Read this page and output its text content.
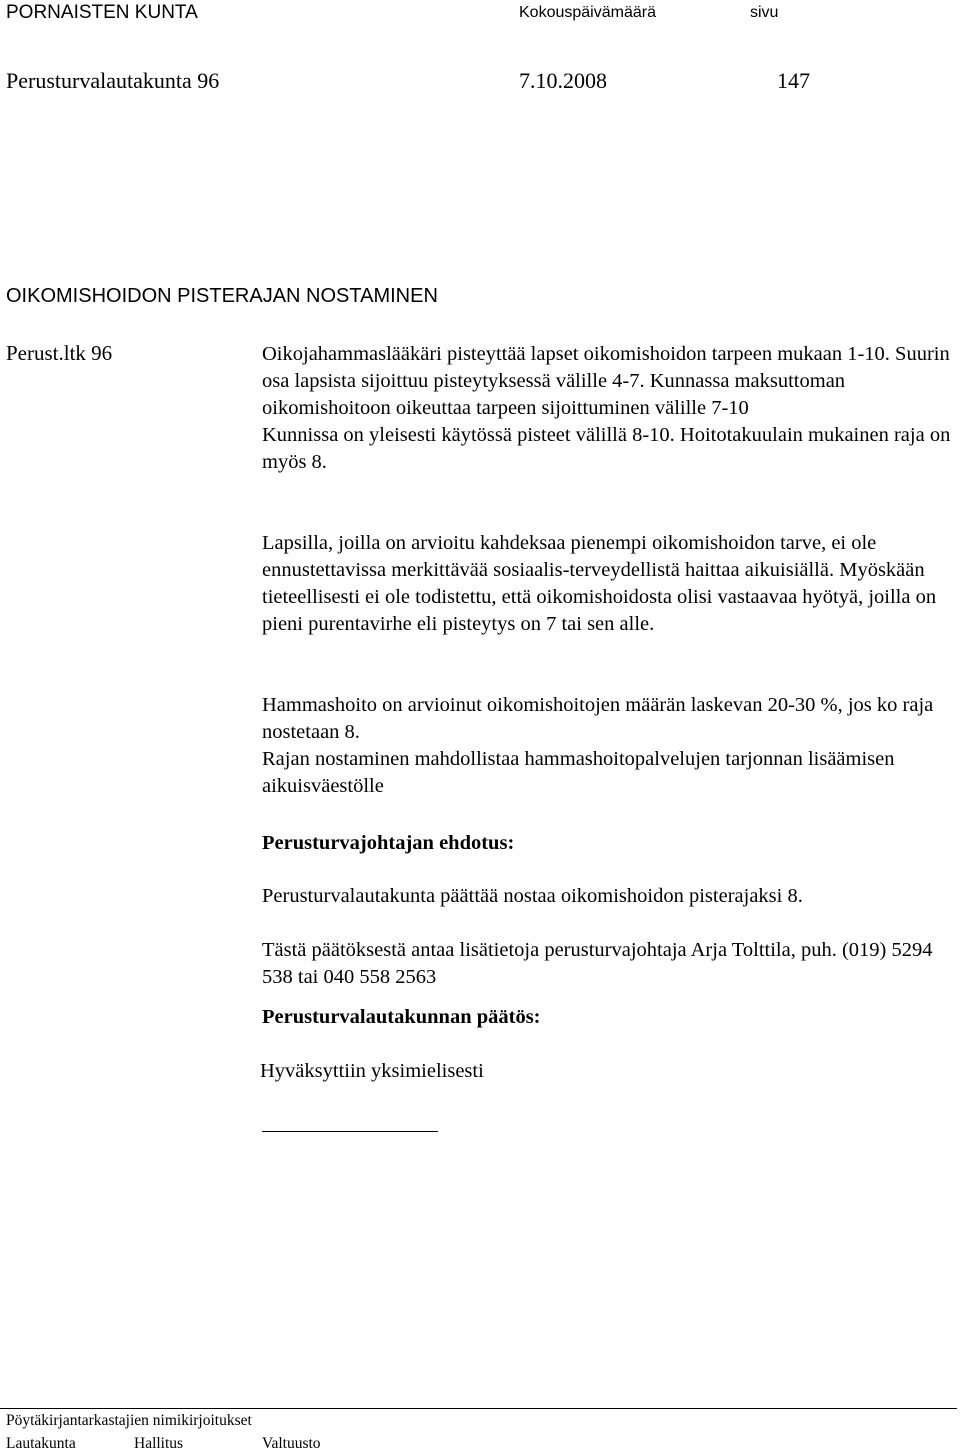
PORNAISTEN KUNTA	Kokouspäivämäärä	sivu
Perusturvalautakunta 96	7.10.2008	147
OIKOMISHOIDON PISTERAJAN NOSTAMINEN
Perust.ltk 96	Oikojahammaslääkäri pisteyttää lapset oikomishoidon tarpeen mukaan 1-10. Suurin osa lapsista sijoittuu pisteytyksessä välille 4-7. Kunnassa maksuttoman oikomishoitoon oikeuttaa tarpeen sijoittuminen välille 7-10
Kunnissa on yleisesti käytössä pisteet välillä 8-10. Hoitotakuulain mukainen raja on myös 8.

Lapsilla, joilla on arvioitu kahdeksaa pienempi oikomishoidon tarve, ei ole ennustettavissa merkittävää sosiaalis-terveydellistä haittaa aikuisiällä. Myöskään tieteellisesti ei ole todistettu, että oikomishoidosta olisi vastaavaa hyötyä, joilla on pieni purentavirhe eli pisteytys on 7 tai sen alle.

Hammashoito on arvioinut oikomishoitojen määrän laskevan 20-30 %, jos ko raja nostetaan 8.
Rajan nostaminen mahdollistaa hammashoitopalvelujen tarjonnan lisäämisen aikuisväestölle

Perusturvajohtajan ehdotus:

Perusturvalautakunta päättää nostaa oikomishoidon pisterajaksi 8.

Tästä päätöksestä antaa lisätietoja perusturvajohtaja Arja Tolttila, puh. (019) 5294 538 tai 040 558 2563

Perusturvalautakunnan päätös:

Hyväksyttiin yksimielisesti

Pöytäkirjantarkastajien nimikirjoitukset
Lautakunta	Hallitus	Valtuusto
